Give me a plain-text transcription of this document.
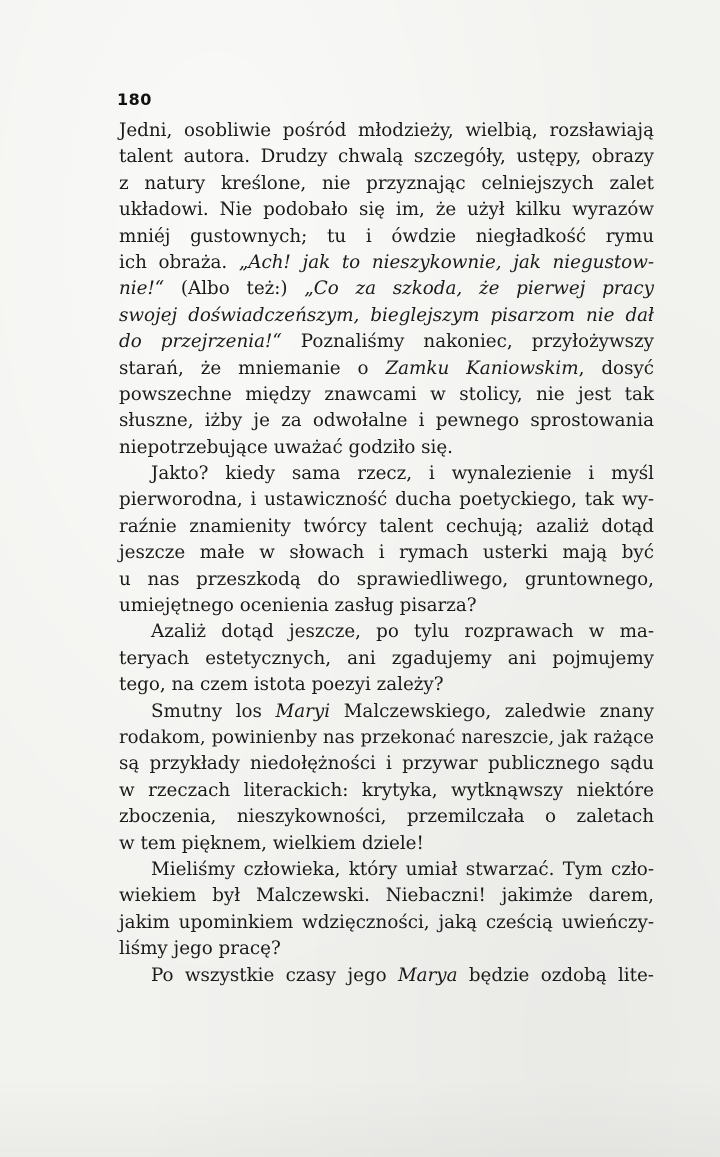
180
Jedni, osobliwie pośród młodzieży, wielbią, rozsławiają
talent autora. Drudzy chwalą szczegóły, ustępy, obrazy
z natury kreślone, nie przyznając celniejszych zalet
układowi. Nie podobało się im, że użył kilku wyrazów
mniéj gustownych; tu i ówdzie niegładkość rymu
ich obraża. „Ach! jak to nieszykownie, jak niegustow-
nie!“ (Albo też:) „Co za szkoda, że pierwej pracy
swojej doświadczeńszym, bieglejszym pisarzom nie dał
do przejrzenia!“ Poznaliśmy nakoniec, przyłożywszy
starań, że mniemanie o Zamku Kaniowskim, dosyć
powszechne między znawcami w stolicy, nie jest tak
słuszne, iżby je za odwołalne i pewnego sprostowania
niepotrzebujące uważać godziło się.
Jakto? kiedy sama rzecz, i wynalezienie i myśl
pierworodna, i ustawiczność ducha poetyckiego, tak wy-
raźnie znamienity twórcy talent cechują; azaliż dotąd
jeszcze małe w słowach i rymach usterki mają być
u nas przeszkodą do sprawiedliwego, gruntownego,
umiejętnego ocenienia zasług pisarza?
Azaliż dotąd jeszcze, po tylu rozprawach w ma-
teryach estetycznych, ani zgadujemy ani pojmujemy
tego, na czem istota poezyi zależy?
Smutny los Maryi Malczewskiego, zaledwie znany
rodakom, powinienby nas przekonać nareszcie, jak rażące
są przykłady niedołężności i przywar publicznego sądu
w rzeczach literackich: krytyka, wytknąwszy niektóre
zboczenia, nieszykowności, przemilczała o zaletach
w tem pięknem, wielkiem dziele!
Mieliśmy człowieka, który umiał stwarzać. Tym czło-
wiekiem był Malczewski. Niebaczni! jakimże darem,
jakim upominkiem wdzięczności, jaką cześcią uwieńczy-
liśmy jego pracę?
Po wszystkie czasy jego Marya będzie ozdobą lite-
